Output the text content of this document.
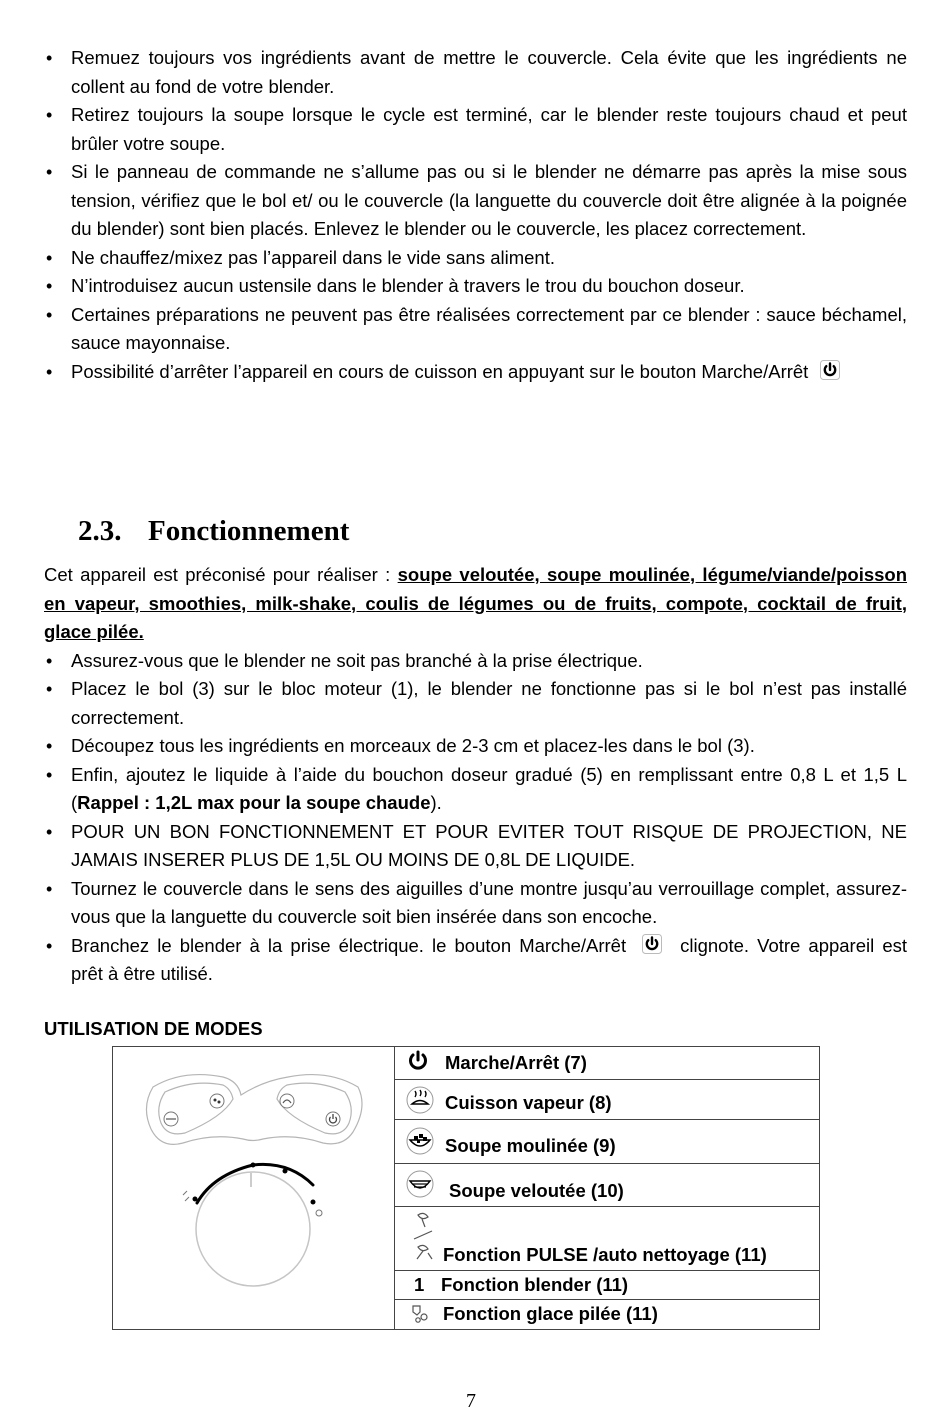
• Remuez toujours vos ingrédients avant de mettre le couvercle. Cela évite que les ingrédients ne collent au fond de votre blender.
• Retirez toujours la soupe lorsque le cycle est terminé, car le blender reste toujours chaud et peut brûler votre soupe.
• Si le panneau de commande ne s’allume pas ou si le blender ne démarre pas après la mise sous tension, vérifiez que le bol et/ ou le couvercle (la languette du couvercle doit être alignée à la poignée du blender) sont bien placés. Enlevez le blender ou le couvercle, les placez correctement.
• Ne chauffez/mixez pas l’appareil dans le vide sans aliment.
• N’introduisez aucun ustensile dans le blender à travers le trou du bouchon doseur.
• Certaines préparations ne peuvent pas être réalisées correctement par ce blender : sauce béchamel, sauce mayonnaise.
• Possibilité d’arrêter l’appareil en cours de cuisson en appuyant sur le bouton Marche/Arrêt
2.3. Fonctionnement
Cet appareil est préconisé pour réaliser : soupe veloutée, soupe moulinée, légume/viande/poisson en vapeur, smoothies, milk-shake, coulis de légumes ou de fruits, compote, cocktail de fruit, glace pilée.
• Assurez-vous que le blender ne soit pas branché à la prise électrique.
• Placez le bol (3) sur le bloc moteur (1), le blender ne fonctionne pas si le bol n’est pas installé correctement.
• Découpez tous les ingrédients en morceaux de 2-3 cm et placez-les dans le bol (3).
• Enfin, ajoutez le liquide à l’aide du bouchon doseur gradué (5) en remplissant entre 0,8 L et 1,5 L (Rappel : 1,2L max pour la soupe chaude).
• POUR UN BON FONCTIONNEMENT ET POUR EVITER TOUT RISQUE DE PROJECTION, NE JAMAIS INSERER PLUS DE 1,5L OU MOINS DE 0,8L DE LIQUIDE.
• Tournez le couvercle dans le sens des aiguilles d’une montre jusqu’au verrouillage complet, assurez-vous que la languette du couvercle soit bien insérée dans son encoche.
• Branchez le blender à la prise électrique. le bouton Marche/Arrêt	clignote. Votre appareil est prêt à être utilisé.
UTILISATION DE MODES
Marche/Arrêt (7)
Cuisson vapeur (8)
Soupe moulinée (9)
Soupe veloutée (10)
Fonction PULSE /auto nettoyage (11)
1 Fonction blender (11)
Fonction glace pilée (11)
7
